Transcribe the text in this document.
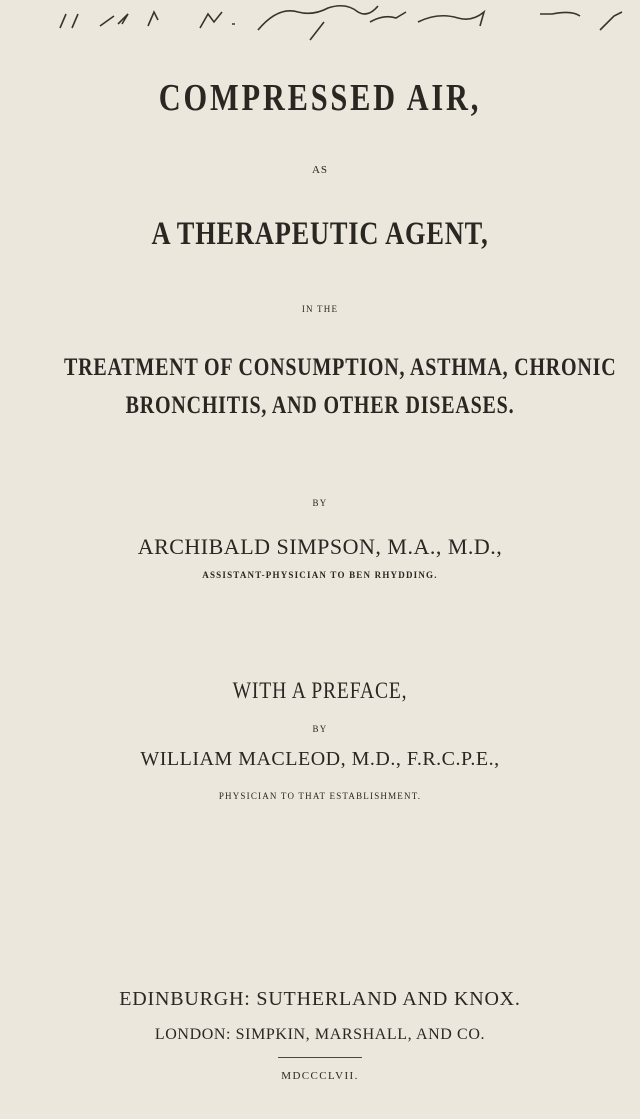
COMPRESSED AIR,
AS
A THERAPEUTIC AGENT,
IN THE
TREATMENT OF CONSUMPTION, ASTHMA, CHRONIC
BRONCHITIS, AND OTHER DISEASES.
BY
ARCHIBALD SIMPSON, M.A., M.D.,
ASSISTANT-PHYSICIAN TO BEN RHYDDING.
WITH A PREFACE,
BY
WILLIAM MACLEOD, M.D., F.R.C.P.E.,
PHYSICIAN TO THAT ESTABLISHMENT.
EDINBURGH: SUTHERLAND AND KNOX.
LONDON: SIMPKIN, MARSHALL, AND CO.
MDCCCLVII.
